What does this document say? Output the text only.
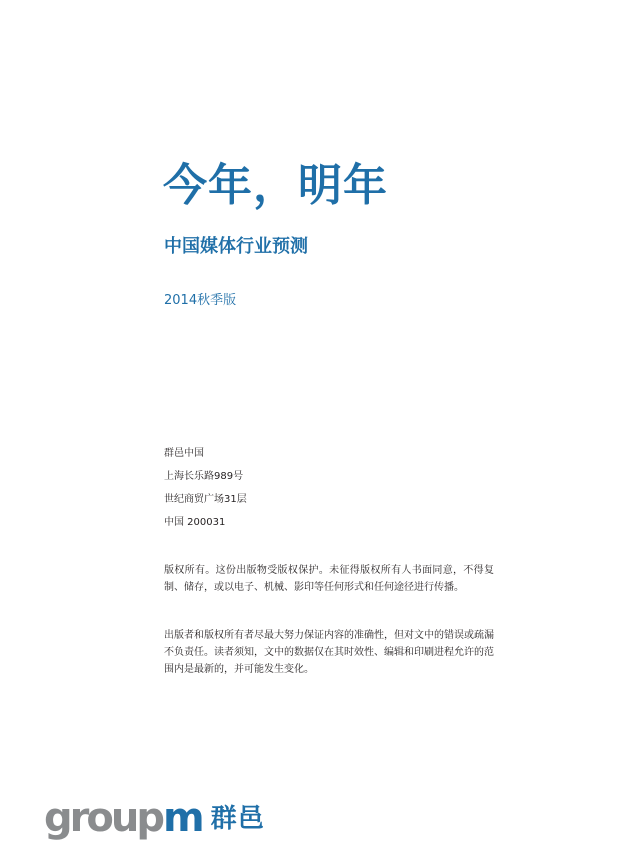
今年，明年
中国媒体行业预测
2014秋季版
群邑中国
上海长乐路989号
世纪商贸广场31层
中国 200031

版权所有。这份出版物受版权保护。未征得版权所有人书面同意，不得复制、储存，或以电子、机械、影印等任何形式和任何途径进行传播。

出版者和版权所有者尽最大努力保证内容的准确性，但对文中的错误或疏漏不负责任。读者须知，文中的数据仅在其时效性、编辑和印刷进程允许的范围内是最新的，并可能发生变化。

group m 群邑
